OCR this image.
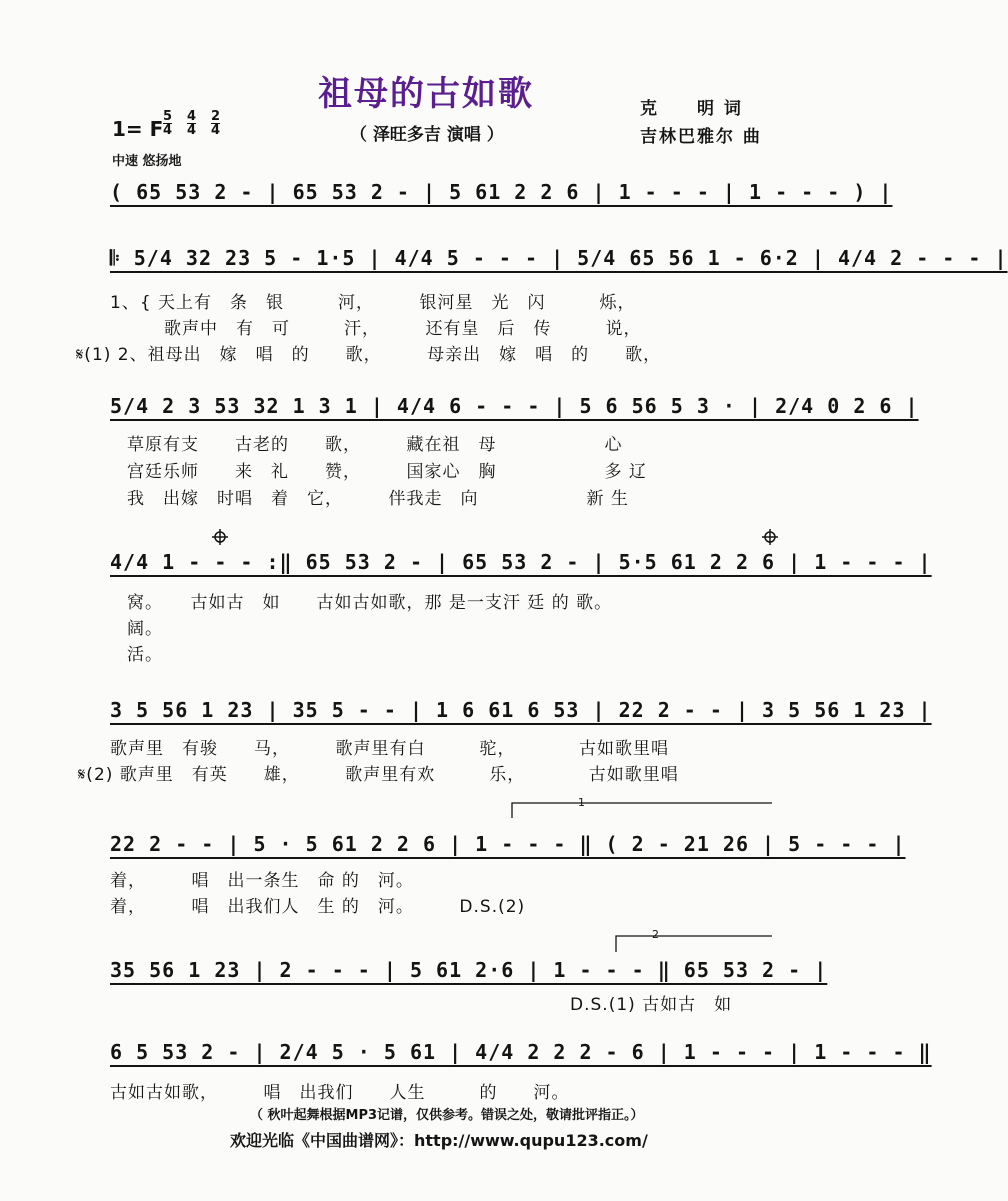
祖母的古如歌
（ 泽旺多吉 演唱 ）
克　　明 词
吉林巴雅尔 曲
1= F $\frac{5}{4} \frac{4}{4} \frac{2}{4}$
中速 悠扬地
( 65 53 2 - | 65 53 2 - | 5 61 2 2 6 | 1 - - - | 1 - - - ) |
𝄆 5/4 32 23 5 - 1·5 | 4/4 5 - - - | 5/4 65 56 1 - 6·2 | 4/4 2 - - - |
1、{ 天上有　条　银　　　河，　　　银河星　光　闪　　　烁，
　　　歌声中　有　可　　　汗，　　　还有皇　后　传　　　说，
𝄋(1) 2、祖母出　嫁　唱　的　　歌，　　　母亲出　嫁　唱　的　　歌，
5/4 2 3 53 32 1 3 1 | 4/4 6 - - - | 5 6 56 5 3 · | 2/4 0 2 6 |
草原有支　　古老的　　歌，　　　藏在祖　母　　　　　　心
宫廷乐师　　来　礼　　赞，　　　国家心　胸　　　　　　多 辽
我　出嫁　时唱　着　它，　　　伴我走　向　　　　　　新 生
4/4 1 - - - :‖ 65 53 2 - | 65 53 2 - | 5·5 61 2 2 6 | 1 - - - |
窝。　　古如古　如　　古如古如歌，那 是一支汗 廷 的 歌。
阔。
活。
3 5 56 1 23 | 35 5 - - | 1 6 61 6 53 | 22 2 - - | 3 5 56 1 23 |
歌声里　有骏　　马，　　　歌声里有白　　　驼，　　　　古如歌里唱
𝄋(2) 歌声里　有英　　雄，　　　歌声里有欢　　　乐，　　　　古如歌里唱
22 2 - - | 5 · 5 61 2 2 6 | 1 - - - ‖ ( 2 - 21 26 | 5 - - - |
着，　　　唱　出一条生　命 的　河。
着，　　　唱　出我们人　生 的　河。　　　D.S.(2)
35 56 1 23 | 2 - - - | 5 61 2·6 | 1 - - - ‖ 65 53 2 - |
D.S.(1) 古如古　如
6 5 53 2 - | 2/4 5 · 5 61 | 4/4 2 2 2 - 6 | 1 - - - | 1 - - - ‖
古如古如歌，　　　唱　出我们　　人生　　　的　　河。
1
2
（ 秋叶起舞根据MP3记谱，仅供参考。错误之处，敬请批评指正。）
欢迎光临《中国曲谱网》：http://www.qupu123.com/
